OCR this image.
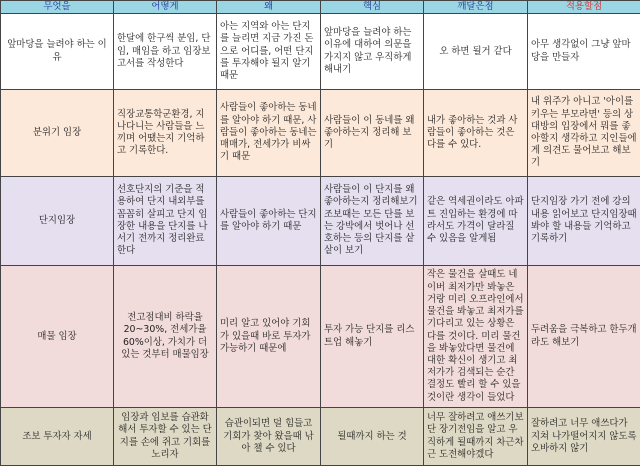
무엇을	어떻게	왜	핵심	깨달은점	적용할점
앞마당을 늘려야 하는 이유	한달에 한구씩 분임, 단임, 매임을 하고 임장보고서를 작성한다	아는 지역와 아는 단지를 늘리면 지금 가진 돈으로 어디를, 어떤 단지를 투자해야 될지 알기 때문	앞마당을 늘려야 하는 이유에 대하여 의문을 가지지 않고 우직하게 해내기	오 하면 될거 같다	아무 생각없이 그냥 앞마당을 만들자
분위기 임장	직장교통학군환경, 지나다니는 사람들을 느끼며 어땠는지 기억하고 기록한다.	사람들이 좋아하는 동네를 알아야 하기 때문, 사람들이 좋아하는 동네는 매매가, 전세가가 비싸기 때문	사람들이 이 동네를 왜 좋아하는지 정리해 보기	내가 좋아하는 것과 사람들이 좋아하는 것은 다를 수 있다.	내 위주가 아니고 '아이를 키우는 부모라면' 등의 상대방의 입장에서 뭐를 좋아할지 생각하고 지인들에게 의견도 물어보고 해보기
단지임장	선호단지의 기준을 적용하여 단지 내외부를 꼼꼼히 살피고 단지 임장한 내용을 단지를 나서기 전까지 정리완료한다	사람들이 좋아하는 단지를 알아야 하기 때문	사람들이 이 단지를 왜 좋아하는지 정리해보기 조보때는 모든 단를 보는 강박에서 벗어나 선호하는 등의 단지를 샅샅이 보기	같은 역세권이라도 아파트 진입하는 환경에 따라서도 가격이 달라질 수 있음을 알게됨	단지임장 가기 전에 강의 내용 읽어보고 단지임장때 봐야 할 내용들 기억하고 기록하기
매물 임장	전고점대비 하락율 20~30%, 전세가율 60%이상, 가치가 더 있는 것부터 매물임장	미리 알고 있어야 기회가 있을때 바로 투자가 가능하기 때문에	투자 가능 단지를 리스트업 해놓기	작은 물건을 살때도 네이버 최저가만 봐놓은 거랑 미리 오프라인에서 물건을 봐놓고 최저가를 기다리고 있는 상황은 다를 것이다. 미리 물건을 봐놓았다면 물건에 대한 확신이 생기고 최저가가 검색되는 순간 결정도 빨리 할 수 있을 것이란 생각이 들었다	두려움을 극복하고 한두개라도 해보기
조보 투자자 자세	임장과 임보를 습관화해서 투자할 수 있는 단지를 손에 쥐고 기회를 노리자	습관이되면 덜 힘들고 기회가 찾아 왔을때 낚아 챌 수 있다	될때까지 하는 것	너무 잘하려고 애쓰기보단 장기전임을 알고 우직하게 될때까지 차근차근 도전해야겠다	잘하려고 너무 애쓰다가 지쳐 나가떨어지지 않도록 오바하지 않기
